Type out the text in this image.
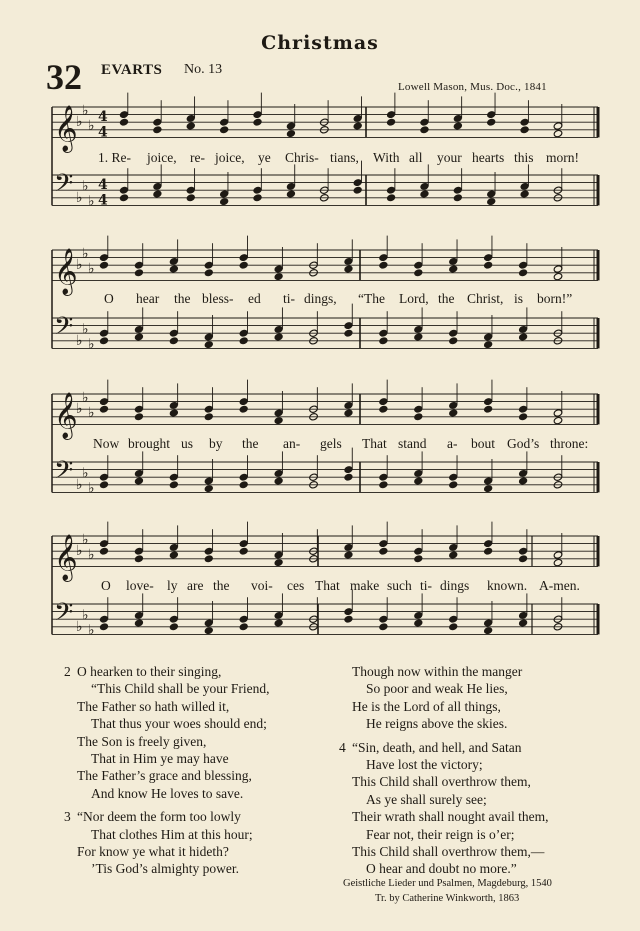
Christmas
32 EVARTS No. 13
Lowell Mason, Mus. Doc., 1841
𝄞
♭
♭
♭
4
4
𝄢 ♭
♭
♭
4
4
𝄞
♭
♭
♭
𝄢 ♭
♭
♭
𝄞
♭
♭
♭
𝄢 ♭
♭
♭
𝄞
♭
♭
♭
𝄢 ♭
♭
♭
1. Re- joice, re- joice, ye Chris- tians, With all your hearts this morn!
O hear the bless- ed ti- dings, “The Lord, the Christ, is born!”
Now brought us by the an- gels That stand a- bout God’s throne:
O love- ly are the voi- ces That make such ti- dings known. A-men.
2 O hearken to their singing,
“This Child shall be your Friend,
The Father so hath willed it,
That thus your woes should end;
The Son is freely given,
That in Him ye may have
The Father’s grace and blessing,
And know He loves to save.
3 “Nor deem the form too lowly
That clothes Him at this hour;
For know ye what it hideth?
’Tis God’s almighty power.
Though now within the manger
So poor and weak He lies,
He is the Lord of all things,
He reigns above the skies.
4 “Sin, death, and hell, and Satan
Have lost the victory;
This Child shall overthrow them,
As ye shall surely see;
Their wrath shall nought avail them,
Fear not, their reign is o’er;
This Child shall overthrow them,—
O hear and doubt no more.”
Geistliche Lieder und Psalmen, Magdeburg, 1540
Tr. by Catherine Winkworth, 1863
